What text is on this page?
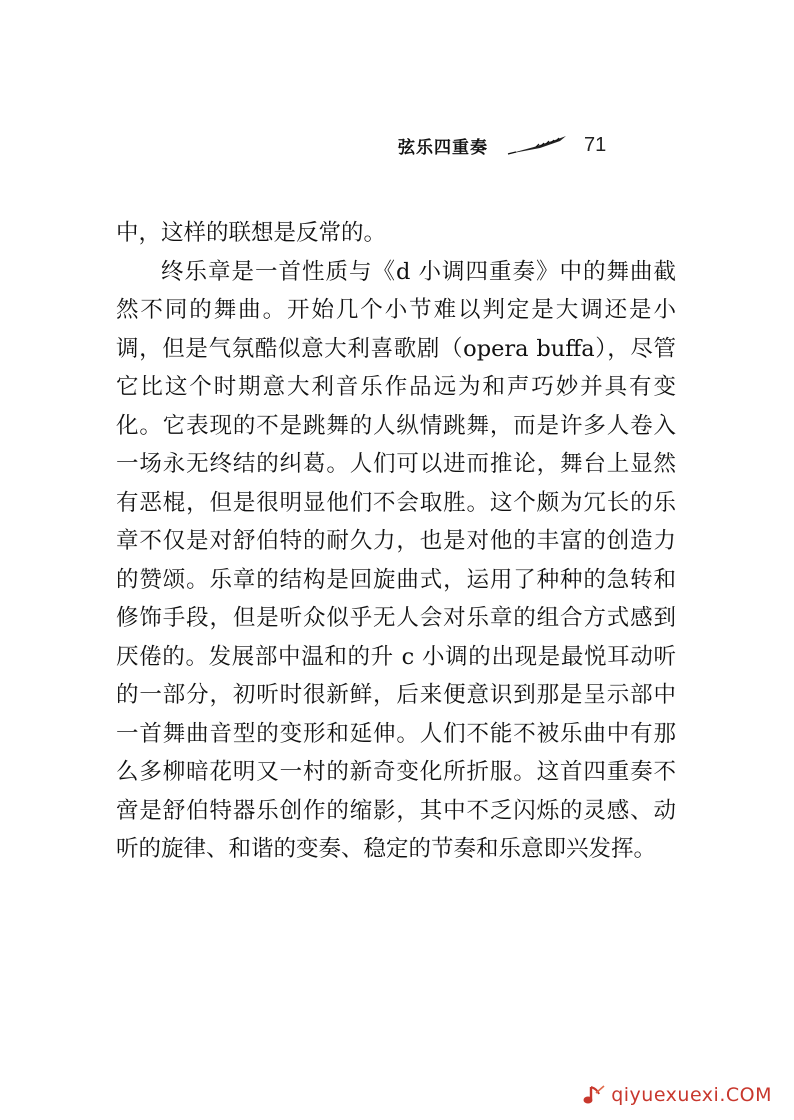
弦乐四重奏	71

中，这样的联想是反常的。

终乐章是一首性质与《d 小调四重奏》中的舞曲截然不同的舞曲。开始几个小节难以判定是大调还是小调，但是气氛酷似意大利喜歌剧（opera buffa），尽管它比这个时期意大利音乐作品远为和声巧妙并具有变化。它表现的不是跳舞的人纵情跳舞，而是许多人卷入一场永无终结的纠葛。人们可以进而推论，舞台上显然有恶棍，但是很明显他们不会取胜。这个颇为冗长的乐章不仅是对舒伯特的耐久力，也是对他的丰富的创造力的赞颂。乐章的结构是回旋曲式，运用了种种的急转和修饰手段，但是听众似乎无人会对乐章的组合方式感到厌倦的。发展部中温和的升 c 小调的出现是最悦耳动听的一部分，初听时很新鲜，后来便意识到那是呈示部中一首舞曲音型的变形和延伸。人们不能不被乐曲中有那么多柳暗花明又一村的新奇变化所折服。这首四重奏不啻是舒伯特器乐创作的缩影，其中不乏闪烁的灵感、动听的旋律、和谐的变奏、稳定的节奏和乐意即兴发挥。

qiyuexuexi.COM
